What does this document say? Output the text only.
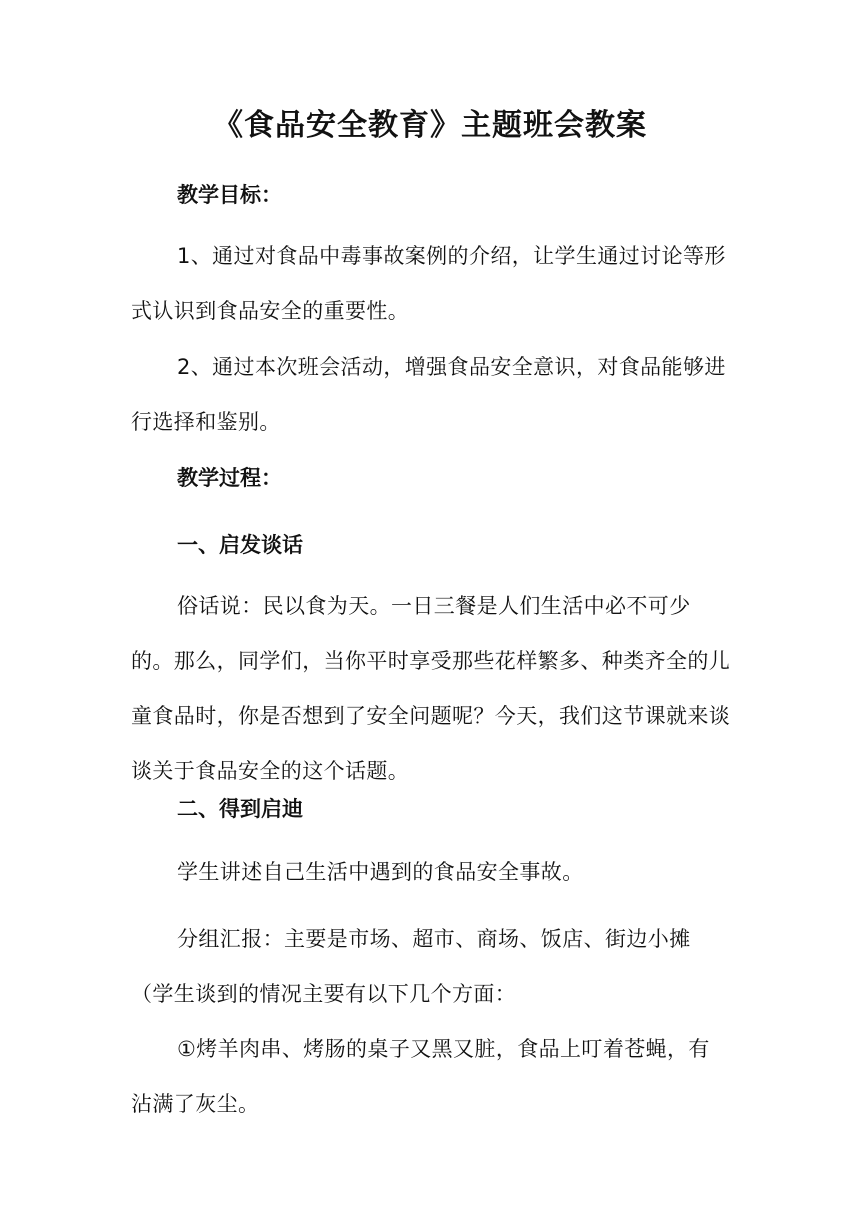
《食品安全教育》主题班会教案
教学目标：

1、通过对食品中毒事故案例的介绍，让学生通过讨论等形式认识到食品安全的重要性。

2、通过本次班会活动，增强食品安全意识，对食品能够进行选择和鉴别。

教学过程：
一、启发谈话

俗话说：民以食为天。一日三餐是人们生活中必不可少的。那么，同学们，当你平时享受那些花样繁多、种类齐全的儿童食品时，你是否想到了安全问题呢？今天，我们这节课就来谈谈关于食品安全的这个话题。

二、得到启迪

学生讲述自己生活中遇到的食品安全事故。

分组汇报：主要是市场、超市、商场、饭店、街边小摊（学生谈到的情况主要有以下几个方面：

①烤羊肉串、烤肠的桌子又黑又脏，食品上叮着苍蝇，有沾满了灰尘。
